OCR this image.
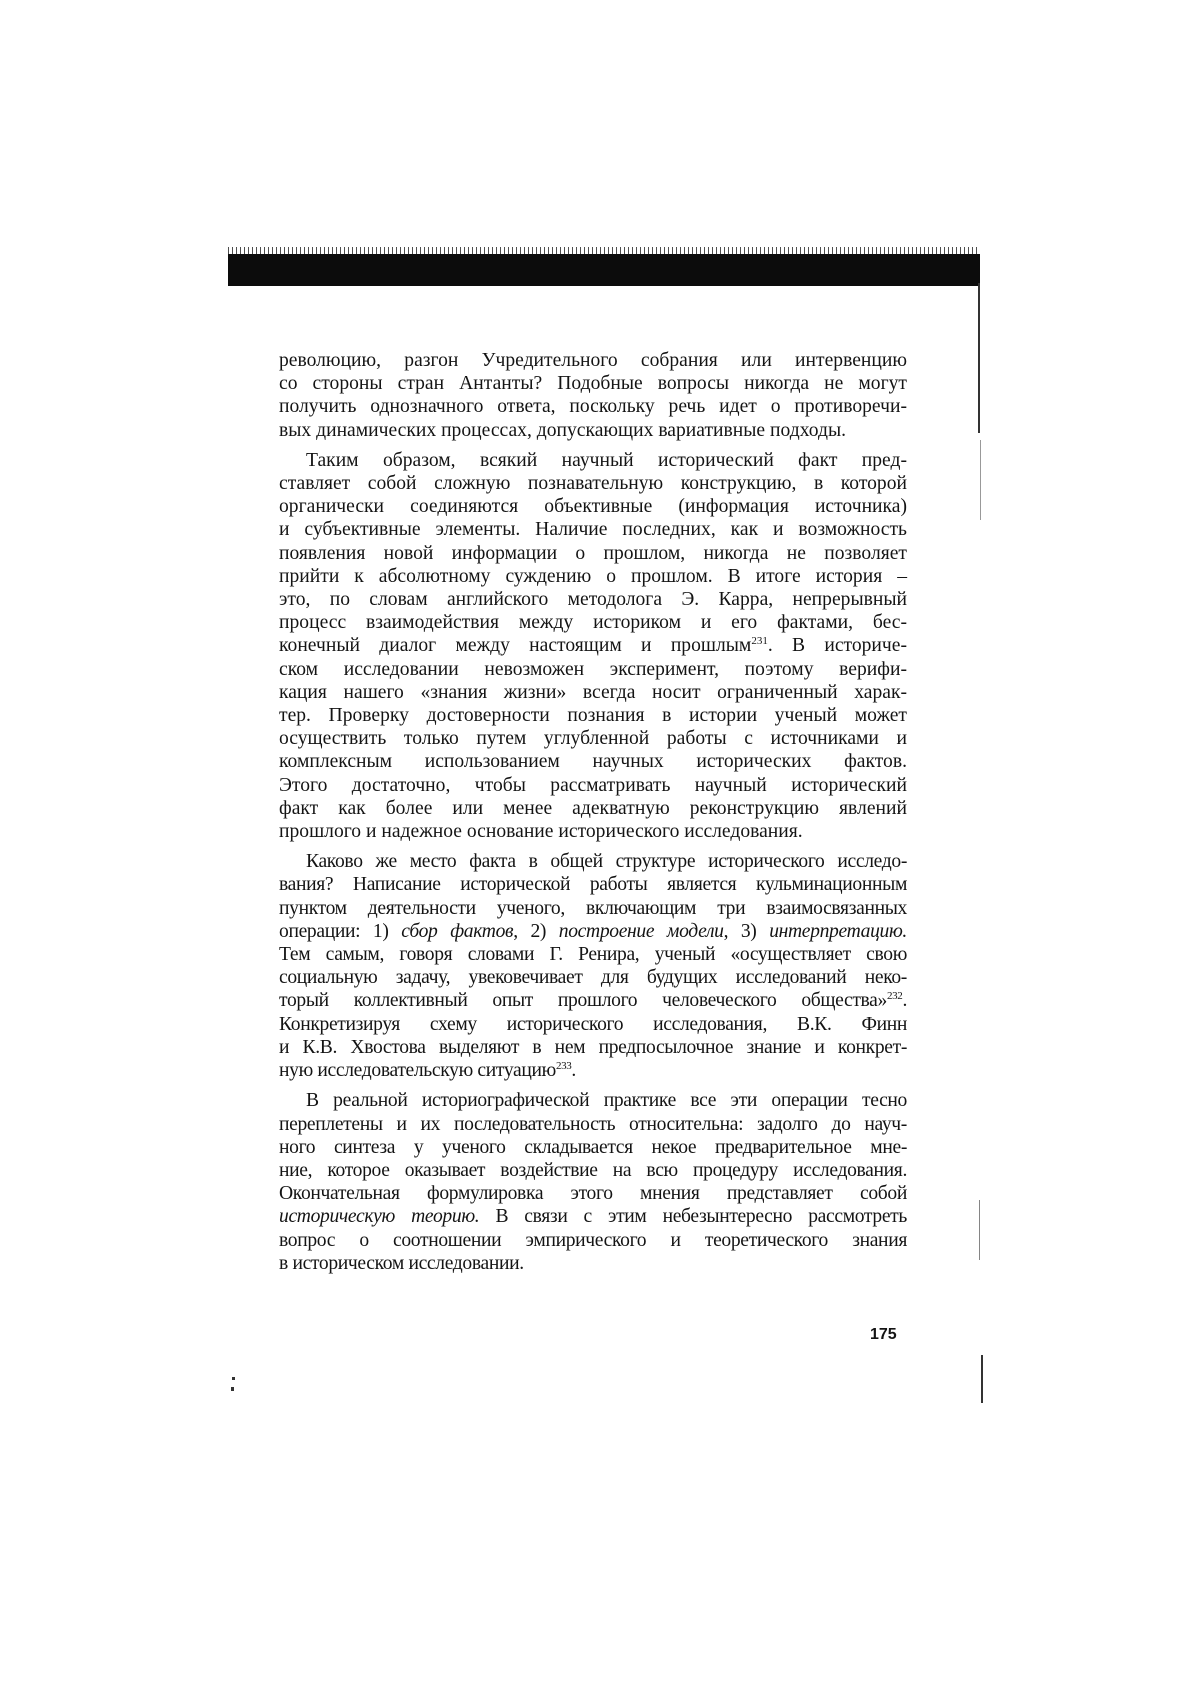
революцию, разгон Учредительного собрания или интервенцию
со стороны стран Антанты? Подобные вопросы никогда не могут
получить однозначного ответа, поскольку речь идет о противоречи-
вых динамических процессах, допускающих вариативные подходы.

Таким образом, всякий научный исторический факт пред-
ставляет собой сложную познавательную конструкцию, в которой
органически соединяются объективные (информация источника)
и субъективные элементы. Наличие последних, как и возможность
появления новой информации о прошлом, никогда не позволяет
прийти к абсолютному суждению о прошлом. В итоге история –
это, по словам английского методолога Э. Карра, непрерывный
процесс взаимодействия между историком и его фактами, бес-
конечный диалог между настоящим и прошлым$^{231}$. В историче-
ском исследовании невозможен эксперимент, поэтому верифи-
кация нашего «знания жизни» всегда носит ограниченный харак-
тер. Проверку достоверности познания в истории ученый может
осуществить только путем углубленной работы с источниками и
комплексным использованием научных исторических фактов.
Этого достаточно, чтобы рассматривать научный исторический
факт как более или менее адекватную реконструкцию явлений
прошлого и надежное основание исторического исследования.

Каково же место факта в общей структуре исторического исследо-
вания? Написание исторической работы является кульминационным
пунктом деятельности ученого, включающим три взаимосвязанных
операции: 1) сбор фактов, 2) построение модели, 3) интерпретацию.
Тем самым, говоря словами Г. Ренира, ученый «осуществляет свою
социальную задачу, увековечивает для будущих исследований неко-
торый коллективный опыт прошлого человеческого общества»$^{232}$.
Конкретизируя схему исторического исследования, В.К. Финн
и К.В. Хвостова выделяют в нем предпосылочное знание и конкрет-
ную исследовательскую ситуацию$^{233}$.

В реальной историографической практике все эти операции тесно
переплетены и их последовательность относительна: задолго до науч-
ного синтеза у ученого складывается некое предварительное мне-
ние, которое оказывает воздействие на всю процедуру исследования.
Окончательная формулировка этого мнения представляет собой
историческую теорию. В связи с этим небезынтересно рассмотреть
вопрос о соотношении эмпирического и теоретического знания
в историческом исследовании.

175
